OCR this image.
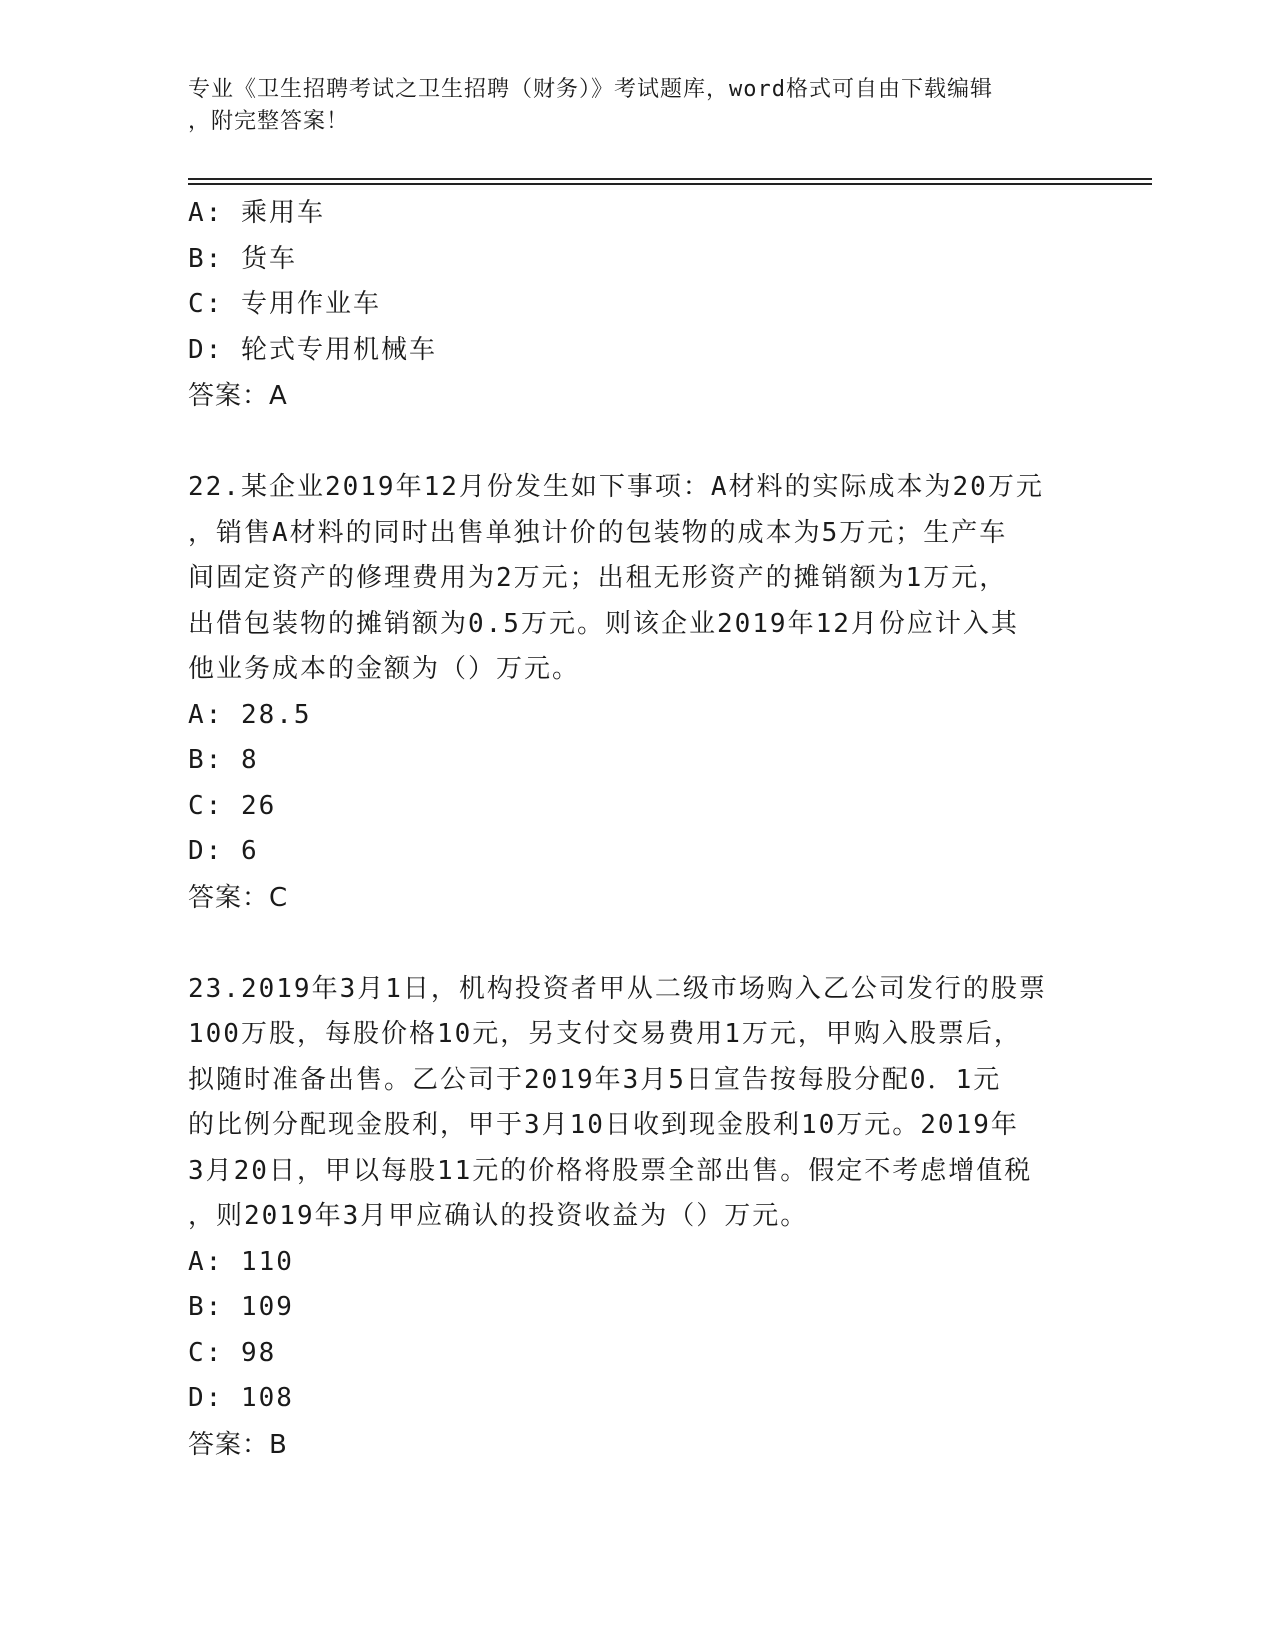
专业《卫生招聘考试之卫生招聘（财务）》考试题库，word格式可自由下载编辑
，附完整答案！
A: 乘用车
B: 货车
C: 专用作业车
D: 轮式专用机械车
答案：A
22.某企业2019年12月份发生如下事项：A材料的实际成本为20万元
，销售A材料的同时出售单独计价的包装物的成本为5万元；生产车
间固定资产的修理费用为2万元；出租无形资产的摊销额为1万元，
出借包装物的摊销额为0.5万元。则该企业2019年12月份应计入其
他业务成本的金额为（）万元。
A: 28.5
B: 8
C: 26
D: 6
答案：C
23.2019年3月1日，机构投资者甲从二级市场购入乙公司发行的股票
100万股，每股价格10元，另支付交易费用1万元，甲购入股票后，
拟随时准备出售。乙公司于2019年3月5日宣告按每股分配0．1元
的比例分配现金股利，甲于3月10日收到现金股利10万元。2019年
3月20日，甲以每股11元的价格将股票全部出售。假定不考虑增值税
，则2019年3月甲应确认的投资收益为（）万元。
A: 110
B: 109
C: 98
D: 108
答案：B
